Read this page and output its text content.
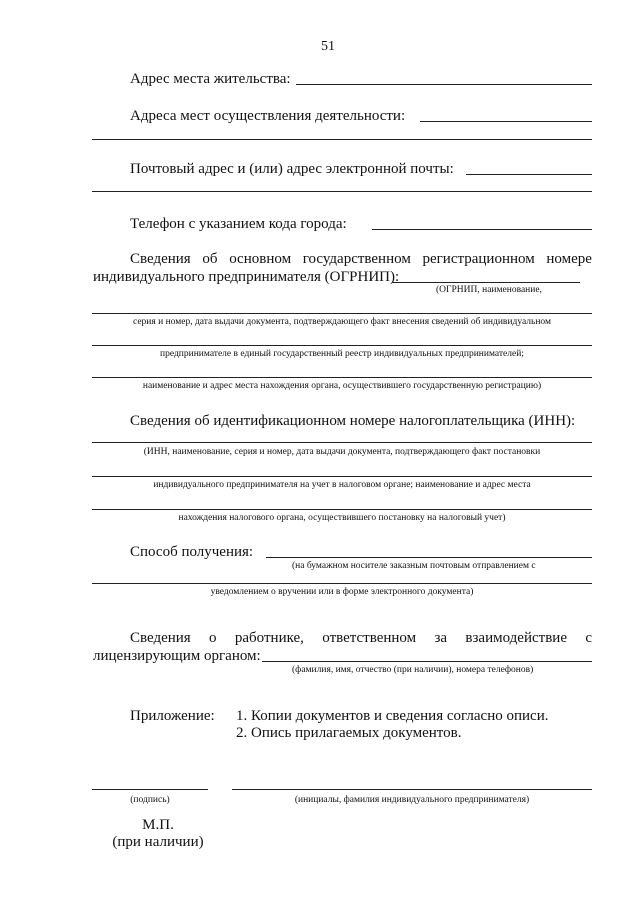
51
Адрес места жительства:
Адреса мест осуществления деятельности:
Почтовый адрес и (или) адрес электронной почты:
Телефон с указанием кода города:
Сведения об основном государственном регистрационном номере
индивидуального предпринимателя (ОГРНИП):
(ОГРНИП, наименование,
серия и номер, дата выдачи документа, подтверждающего факт внесения сведений об индивидуальном
предпринимателе в единый государственный реестр индивидуальных предпринимателей;
наименование и адрес места нахождения органа, осуществившего государственную регистрацию)
Сведения об идентификационном номере налогоплательщика (ИНН):
(ИНН, наименование, серия и номер, дата выдачи документа, подтверждающего факт постановки
индивидуального предпринимателя на учет в налоговом органе; наименование и адрес места
нахождения налогового органа, осуществившего постановку на налоговый учет)
Способ получения:
(на бумажном носителе заказным почтовым отправлением с
уведомлением о вручении или в форме электронного документа)
Сведения о работнике, ответственном за взаимодействие с
лицензирующим органом:
(фамилия, имя, отчество (при наличии), номера телефонов)
Приложение: 1. Копии документов и сведения согласно описи.
2. Опись прилагаемых документов.
(подпись)	(инициалы, фамилия индивидуального предпринимателя)
М.П.
(при наличии)
